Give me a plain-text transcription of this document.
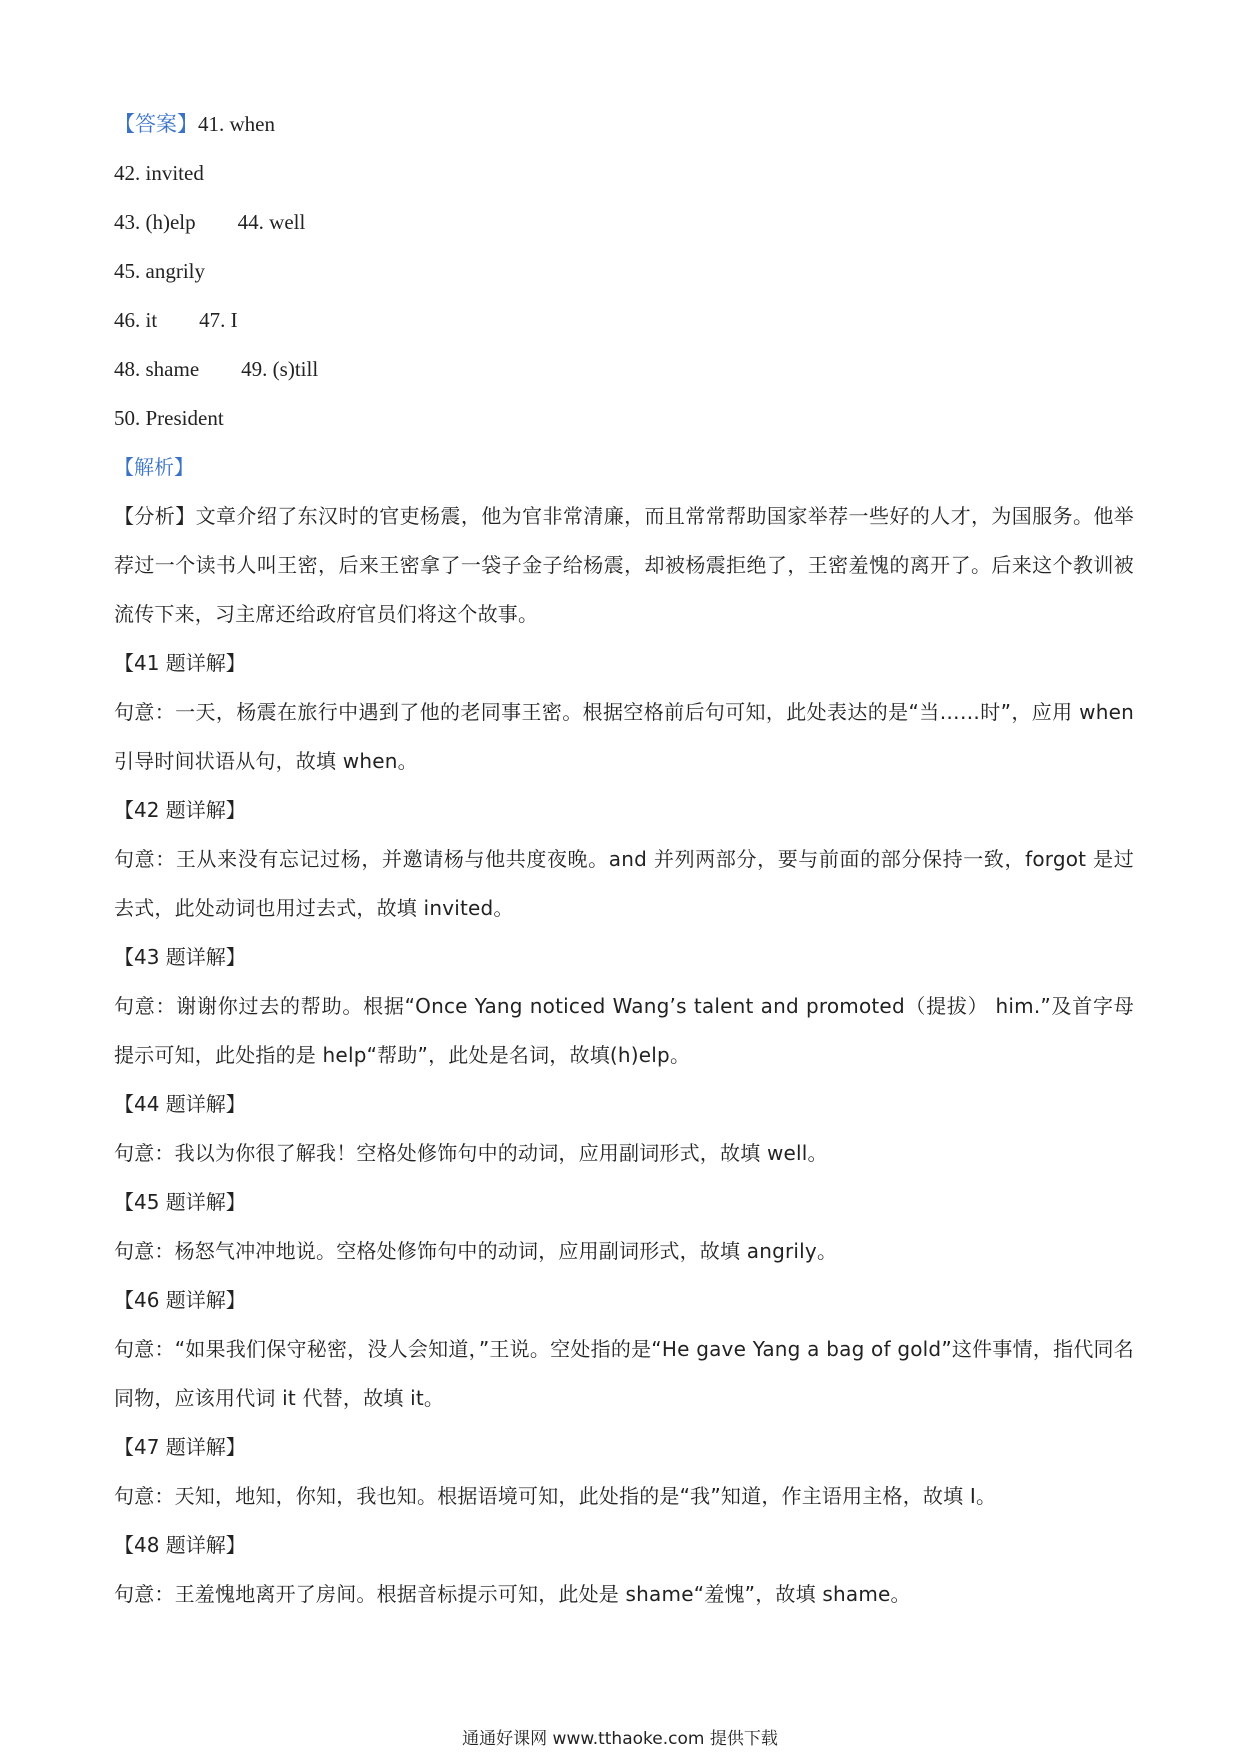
【答案】41. when
42. invited
43. (h)elp 44. well
45. angrily
46. it 47. I
48. shame 49. (s)till
50. President
【解析】
【分析】文章介绍了东汉时的官吏杨震，他为官非常清廉，而且常常帮助国家举荐一些好的人才，为国服务。他举荐过一个读书人叫王密，后来王密拿了一袋子金子给杨震，却被杨震拒绝了，王密羞愧的离开了。后来这个教训被流传下来，习主席还给政府官员们将这个故事。
【41 题详解】
句意：一天，杨震在旅行中遇到了他的老同事王密。根据空格前后句可知，此处表达的是“当……时”，应用 when 引导时间状语从句，故填 when。
【42 题详解】
句意：王从来没有忘记过杨，并邀请杨与他共度夜晚。and 并列两部分，要与前面的部分保持一致，forgot 是过去式，此处动词也用过去式，故填 invited。
【43 题详解】
句意：谢谢你过去的帮助。根据“Once Yang noticed Wang’s talent and promoted（提拔） him.”及首字母提示可知，此处指的是 help“帮助”，此处是名词，故填(h)elp。
【44 题详解】
句意：我以为你很了解我！空格处修饰句中的动词，应用副词形式，故填 well。
【45 题详解】
句意：杨怒气冲冲地说。空格处修饰句中的动词，应用副词形式，故填 angrily。
【46 题详解】
句意：“如果我们保守秘密，没人会知道，”王说。空处指的是“He gave Yang a bag of gold”这件事情，指代同名同物，应该用代词 it 代替，故填 it。
【47 题详解】
句意：天知，地知，你知，我也知。根据语境可知，此处指的是“我”知道，作主语用主格，故填 I。
【48 题详解】
句意：王羞愧地离开了房间。根据音标提示可知，此处是 shame“羞愧”，故填 shame。
通通好课网 www.tthaoke.com 提供下载
